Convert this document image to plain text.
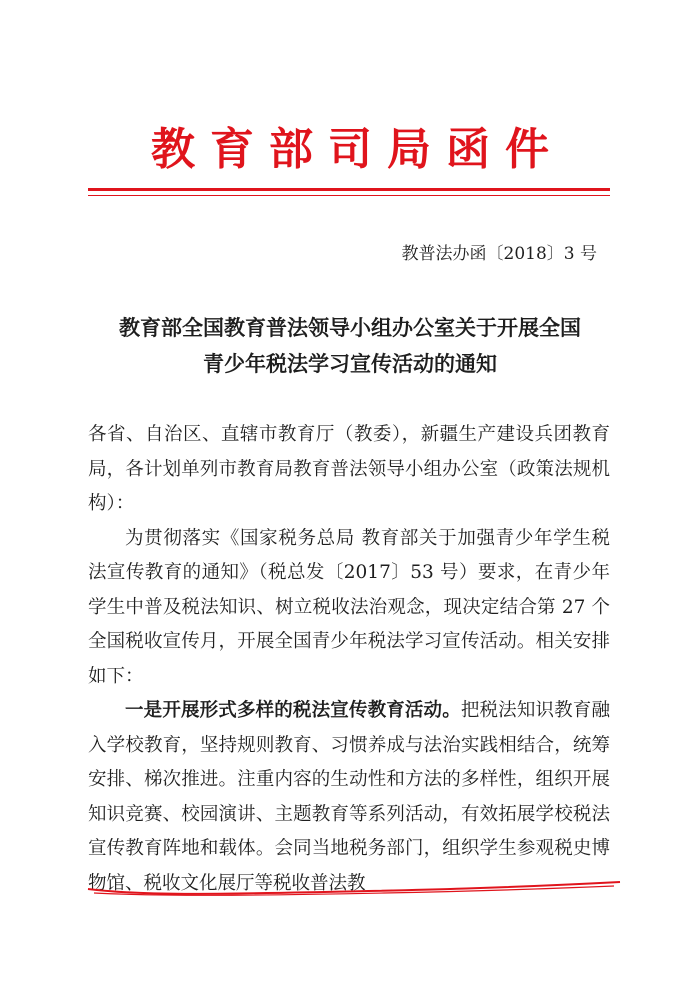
教育部司局函件
教普法办函〔2018〕3 号
教育部全国教育普法领导小组办公室关于开展全国
青少年税法学习宣传活动的通知

各省、自治区、直辖市教育厅（教委），新疆生产建设兵团教育局，各计划单列市教育局教育普法领导小组办公室（政策法规机构）：

为贯彻落实《国家税务总局 教育部关于加强青少年学生税法宣传教育的通知》（税总发〔2017〕53 号）要求，在青少年学生中普及税法知识、树立税收法治观念，现决定结合第 27 个全国税收宣传月，开展全国青少年税法学习宣传活动。相关安排如下：

一是开展形式多样的税法宣传教育活动。把税法知识教育融入学校教育，坚持规则教育、习惯养成与法治实践相结合，统筹安排、梯次推进。注重内容的生动性和方法的多样性，组织开展知识竞赛、校园演讲、主题教育等系列活动，有效拓展学校税法宣传教育阵地和载体。会同当地税务部门，组织学生参观税史博物馆、税收文化展厅等税收普法教
